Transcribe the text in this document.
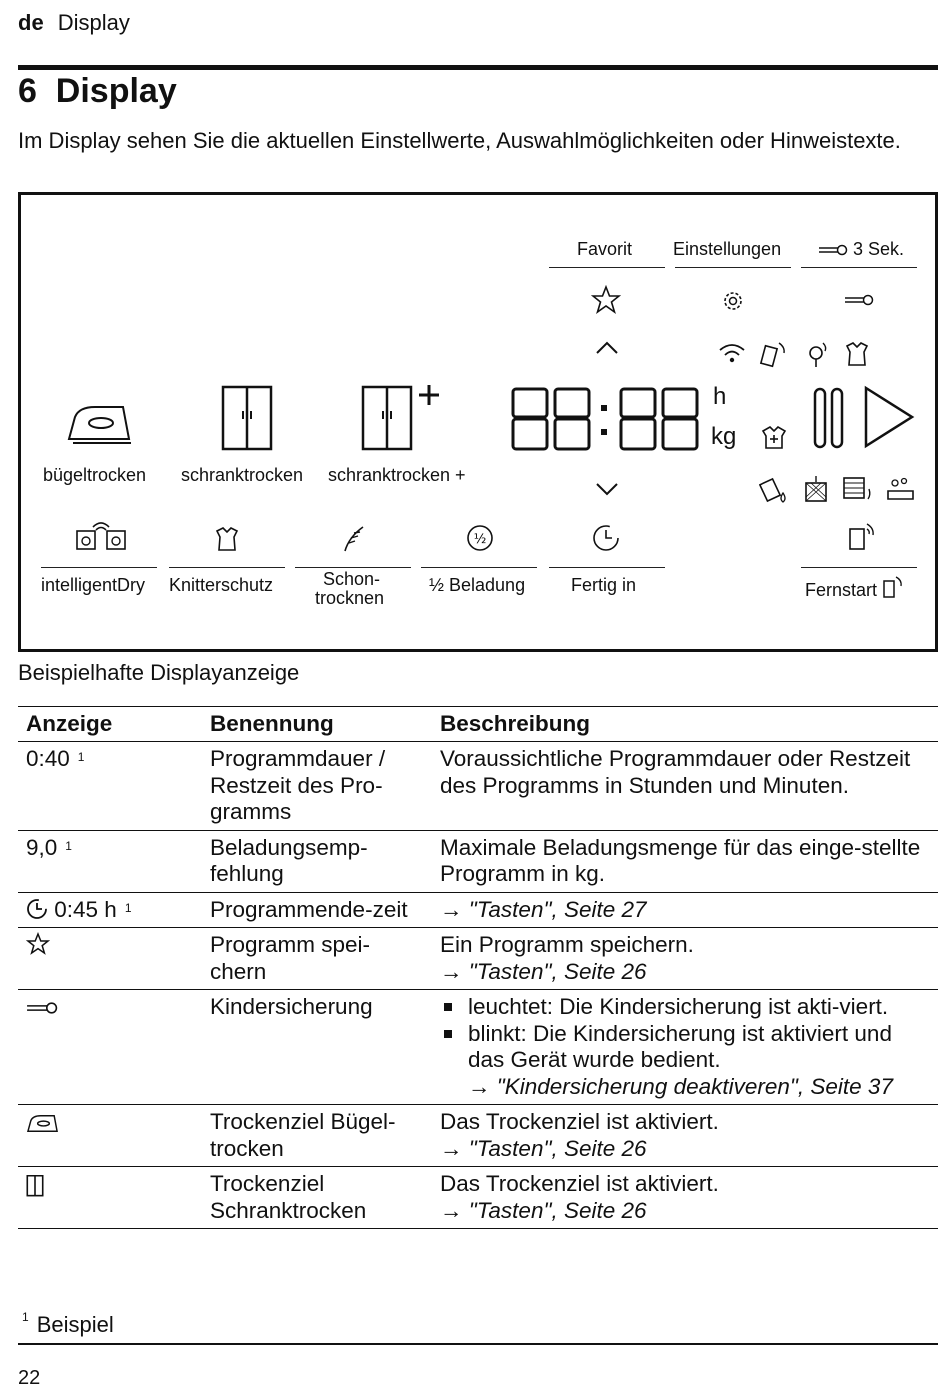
de Display
6  Display
Im Display sehen Sie die aktuellen Einstellwerte, Auswahlmöglichkeiten oder Hinweistexte.
Favorit Einstellungen	3 Sek.
bügeltrocken schranktrocken schranktrocken +
h
kg
½
intelligentDry Knitterschutz	Schon-
trocknen
½ Beladung	Fertig in	Fernstart
Beispielhafte Displayanzeige
Anzeige	Benennung	Beschreibung
0:40 $^1$	Programmdauer / Restzeit des Pro-gramms	Voraussichtliche Programmdauer oder Restzeit des Programms in Stunden und Minuten.
9,0 $^1$	Beladungsemp-fehlung	Maximale Beladungsmenge für das einge-stellte Programm in kg.
0:45 h $^1$	Programmende-zeit	→ "Tasten", Seite 27
	Programm spei-chern	Ein Programm speichern.
→ "Tasten", Seite 26

	Kindersicherung	leuchtet: Die Kindersicherung ist akti-viert.
blinkt: Die Kindersicherung ist aktiviert und das Gerät wurde bedient.
→ "Kindersicherung deaktiveren", Seite 37

	Trockenziel Bügel-trocken	Das Trockenziel ist aktiviert.
→ "Tasten", Seite 26

	Trockenziel Schranktrocken	Das Trockenziel ist aktiviert.
→ "Tasten", Seite 26
$^1$ Beispiel
22
